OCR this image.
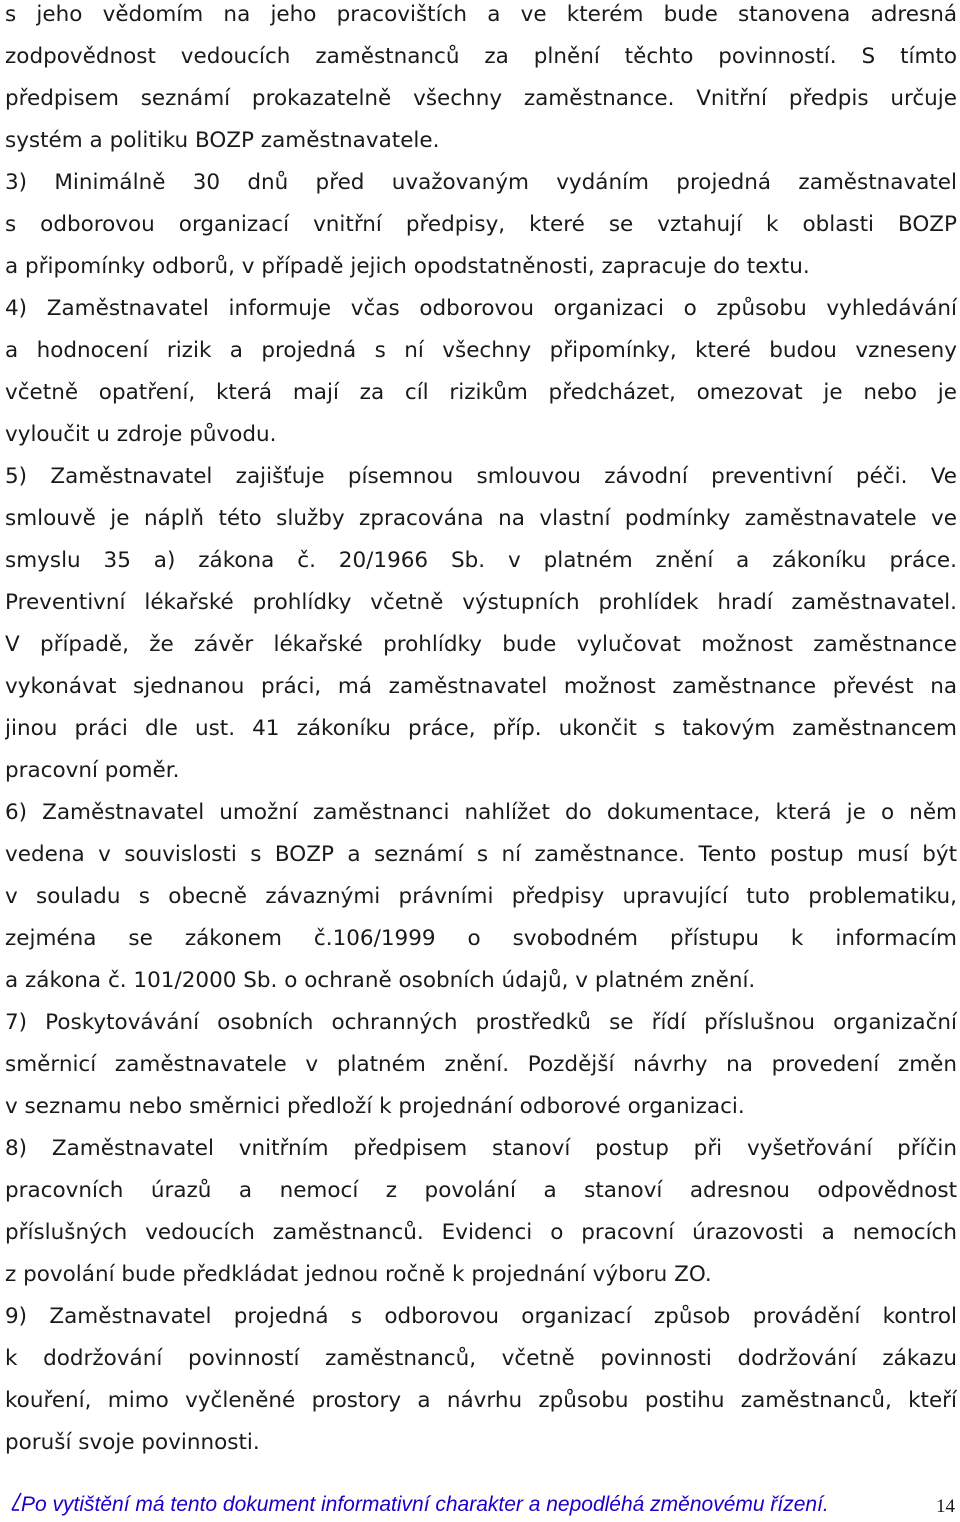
s jeho vědomím na jeho pracovištích a ve kterém bude stanovena adresná
zodpovědnost vedoucích zaměstnanců za plnění těchto povinností. S tímto
předpisem seznámí prokazatelně všechny zaměstnance. Vnitřní předpis určuje
systém a politiku BOZP zaměstnavatele.
3) Minimálně 30 dnů před uvažovaným vydáním projedná zaměstnavatel
s odborovou organizací vnitřní předpisy, které se vztahují k oblasti BOZP
a připomínky odborů, v případě jejich opodstatněnosti, zapracuje do textu.
4) Zaměstnavatel informuje včas odborovou organizaci o způsobu vyhledávání
a hodnocení rizik a projedná s ní všechny připomínky, které budou vzneseny
včetně opatření, která mají za cíl rizikům předcházet, omezovat je nebo je
vyloučit u zdroje původu.
5) Zaměstnavatel zajišťuje písemnou smlouvou závodní preventivní péči. Ve
smlouvě je náplň této služby zpracována na vlastní podmínky zaměstnavatele ve
smyslu 35 a) zákona č. 20/1966 Sb. v platném znění a zákoníku práce.
Preventivní lékařské prohlídky včetně výstupních prohlídek hradí zaměstnavatel.
V případě, že závěr lékařské prohlídky bude vylučovat možnost zaměstnance
vykonávat sjednanou práci, má zaměstnavatel možnost zaměstnance převést na
jinou práci dle ust. 41 zákoníku práce, příp. ukončit s takovým zaměstnancem
pracovní poměr.
6) Zaměstnavatel umožní zaměstnanci nahlížet do dokumentace, která je o něm
vedena v souvislosti s BOZP a seznámí s ní zaměstnance. Tento postup musí být
v souladu s obecně závaznými právními předpisy upravující tuto problematiku,
zejména se zákonem č.106/1999 o svobodném přístupu k informacím
a zákona č. 101/2000 Sb. o ochraně osobních údajů, v platném znění.
7) Poskytovávání osobních ochranných prostředků se řídí příslušnou organizační
směrnicí zaměstnavatele v platném znění. Pozdější návrhy na provedení změn
v seznamu nebo směrnici předloží k projednání odborové organizaci.
8) Zaměstnavatel vnitřním předpisem stanoví postup při vyšetřování příčin
pracovních úrazů a nemocí z povolání a stanoví adresnou odpovědnost
příslušných vedoucích zaměstnanců. Evidenci o pracovní úrazovosti a nemocích
z povolání bude předkládat jednou ročně k projednání výboru ZO.
9) Zaměstnavatel projedná s odborovou organizací způsob provádění kontrol
k dodržování povinností zaměstnanců, včetně povinnosti dodržování zákazu
kouření, mimo vyčleněné prostory a návrhu způsobu postihu zaměstnanců, kteří
poruší svoje povinnosti.
Po vytištění má tento dokument informativní charakter a nepodléhá změnovému řízení.	14
